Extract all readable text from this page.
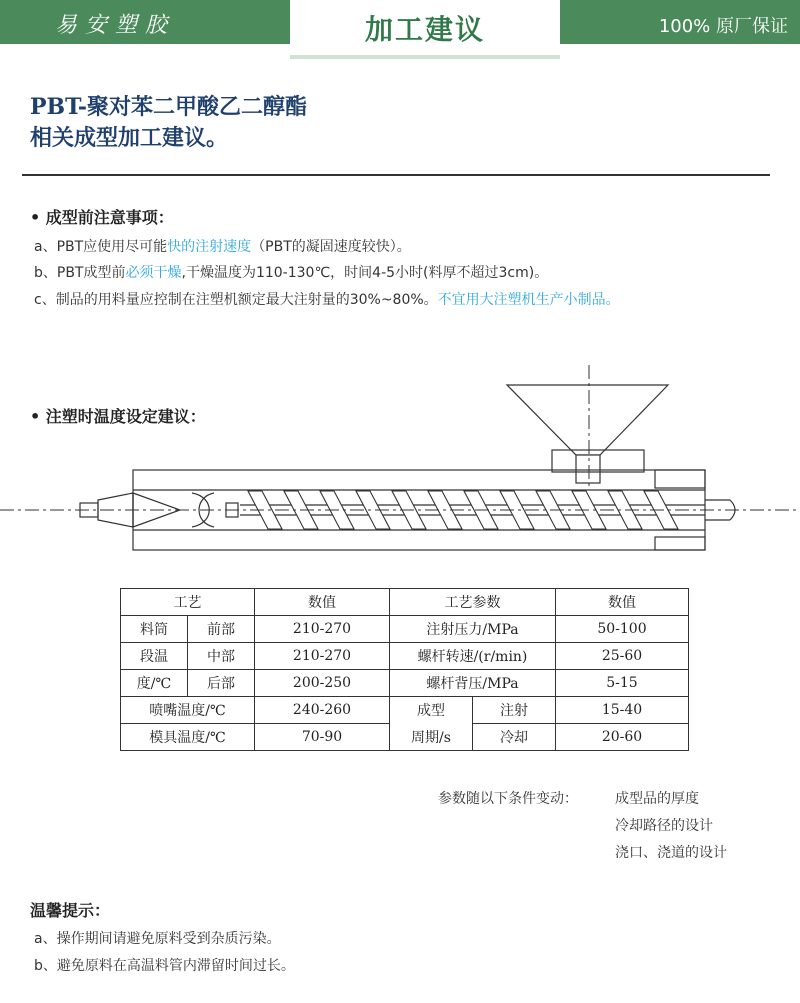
易安塑胶	100% 原厂保证
加工建议
PBT-聚对苯二甲酸乙二醇酯
相关成型加工建议。
• 成型前注意事项：
a、PBT应使用尽可能快的注射速度（PBT的凝固速度较快）。
b、PBT成型前必须干燥,干燥温度为110-130℃，时间4-5小时(料厚不超过3cm)。
c、制品的用料量应控制在注塑机额定最大注射量的30%~80%。不宜用大注塑机生产小制品。
• 注塑时温度设定建议：
工艺		数值	工艺参数		数值
料筒	前部	210-270	注射压力/MPa		50-100
段温	中部	210-270	螺杆转速/(r/min)		25-60
度/℃	后部	200-250	螺杆背压/MPa		5-15
喷嘴温度/℃		240-260	成型	注射	15-40
模具温度/℃		70-90	周期/s	冷却	20-60
参数随以下条件变动：	成型品的厚度
冷却路径的设计
浇口、浇道的设计
温馨提示：
a、操作期间请避免原料受到杂质污染。
b、避免原料在高温料管内滞留时间过长。
